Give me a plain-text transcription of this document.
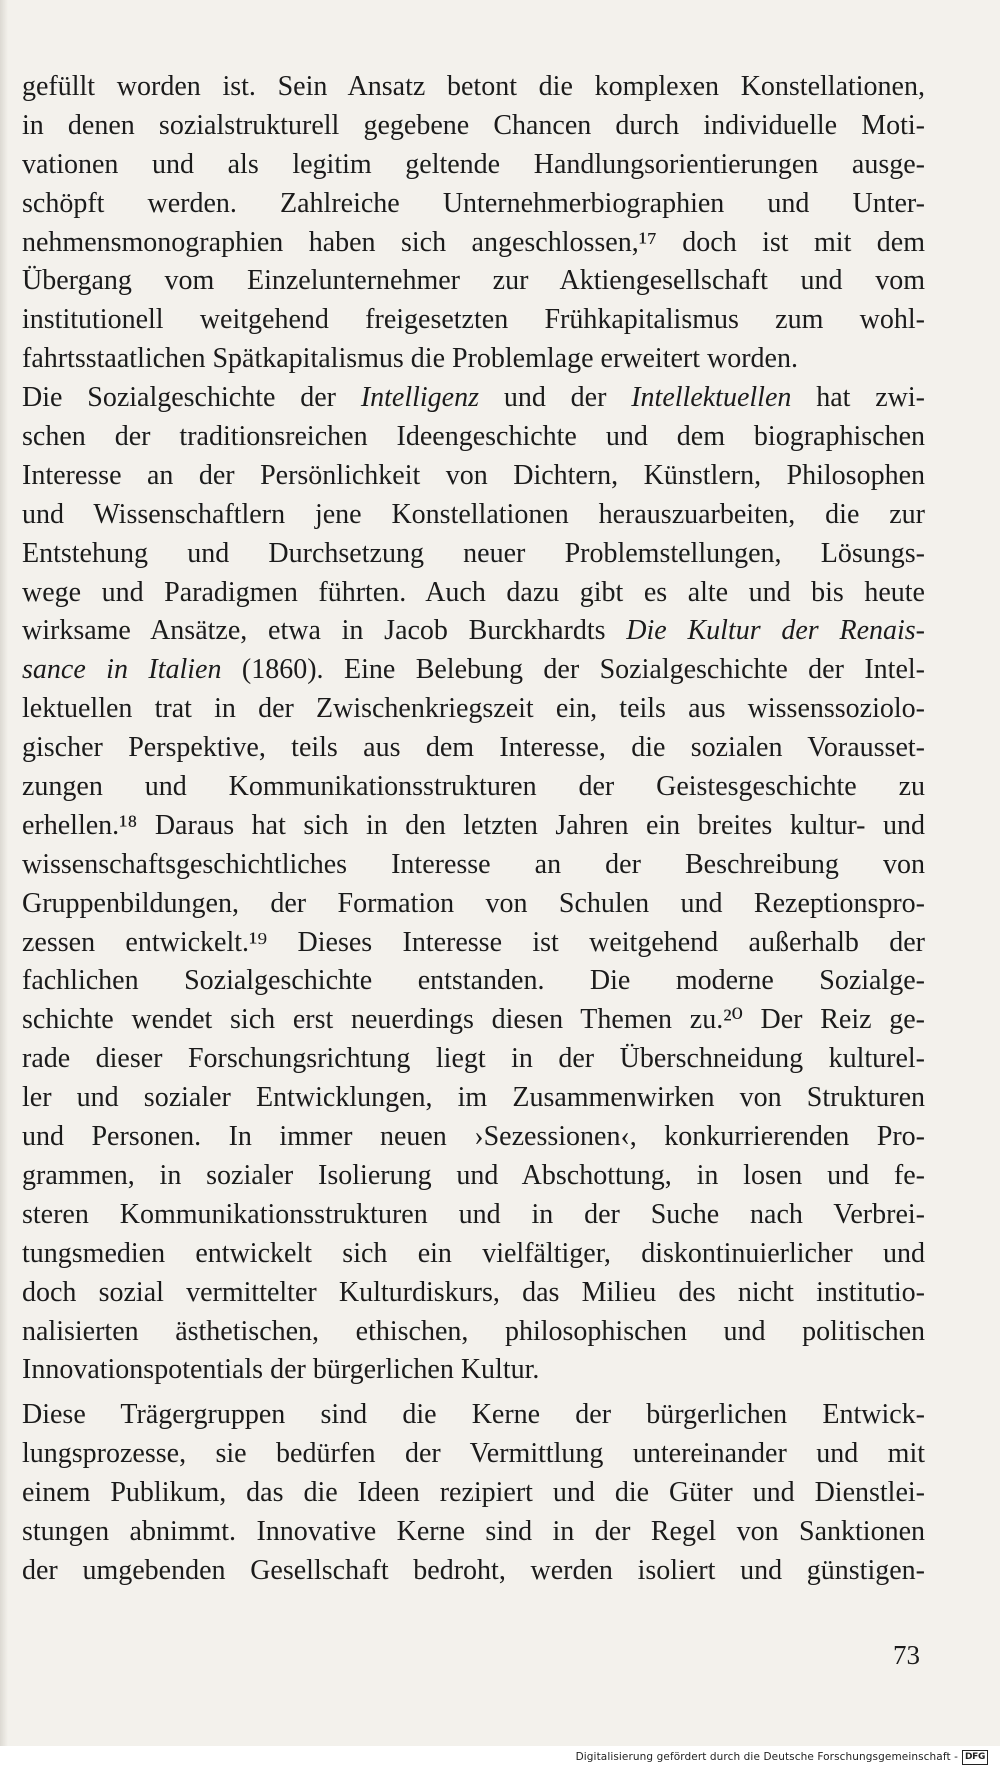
gefüllt worden ist. Sein Ansatz betont die komplexen Konstellationen,
in denen sozialstrukturell gegebene Chancen durch individuelle Moti-
vationen und als legitim geltende Handlungsorientierungen ausge-
schöpft werden. Zahlreiche Unternehmerbiographien und Unter-
nehmensmonographien haben sich angeschlossen,¹⁷ doch ist mit dem
Übergang vom Einzelunternehmer zur Aktiengesellschaft und vom
institutionell weitgehend freigesetzten Frühkapitalismus zum wohl-
fahrtsstaatlichen Spätkapitalismus die Problemlage erweitert worden.
Die Sozialgeschichte der Intelligenz und der Intellektuellen hat zwi-
schen der traditionsreichen Ideengeschichte und dem biographischen
Interesse an der Persönlichkeit von Dichtern, Künstlern, Philosophen
und Wissenschaftlern jene Konstellationen herauszuarbeiten, die zur
Entstehung und Durchsetzung neuer Problemstellungen, Lösungs-
wege und Paradigmen führten. Auch dazu gibt es alte und bis heute
wirksame Ansätze, etwa in Jacob Burckhardts Die Kultur der Renais-
sance in Italien (1860). Eine Belebung der Sozialgeschichte der Intel-
lektuellen trat in der Zwischenkriegszeit ein, teils aus wissenssoziolo-
gischer Perspektive, teils aus dem Interesse, die sozialen Vorausset-
zungen und Kommunikationsstrukturen der Geistesgeschichte zu
erhellen.¹⁸ Daraus hat sich in den letzten Jahren ein breites kultur- und
wissenschaftsgeschichtliches Interesse an der Beschreibung von
Gruppenbildungen, der Formation von Schulen und Rezeptionspro-
zessen entwickelt.¹⁹ Dieses Interesse ist weitgehend außerhalb der
fachlichen Sozialgeschichte entstanden. Die moderne Sozialge-
schichte wendet sich erst neuerdings diesen Themen zu.²⁰ Der Reiz ge-
rade dieser Forschungsrichtung liegt in der Überschneidung kulturel-
ler und sozialer Entwicklungen, im Zusammenwirken von Strukturen
und Personen. In immer neuen ›Sezessionen‹, konkurrierenden Pro-
grammen, in sozialer Isolierung und Abschottung, in losen und fe-
steren Kommunikationsstrukturen und in der Suche nach Verbrei-
tungsmedien entwickelt sich ein vielfältiger, diskontinuierlicher und
doch sozial vermittelter Kulturdiskurs, das Milieu des nicht institutio-
nalisierten ästhetischen, ethischen, philosophischen und politischen
Innovationspotentials der bürgerlichen Kultur.
Diese Trägergruppen sind die Kerne der bürgerlichen Entwick-
lungsprozesse, sie bedürfen der Vermittlung untereinander und mit
einem Publikum, das die Ideen rezipiert und die Güter und Dienstlei-
stungen abnimmt. Innovative Kerne sind in der Regel von Sanktionen
der umgebenden Gesellschaft bedroht, werden isoliert und günstigen-
73
Digitalisierung gefördert durch die Deutsche Forschungsgemeinschaft - DFG
